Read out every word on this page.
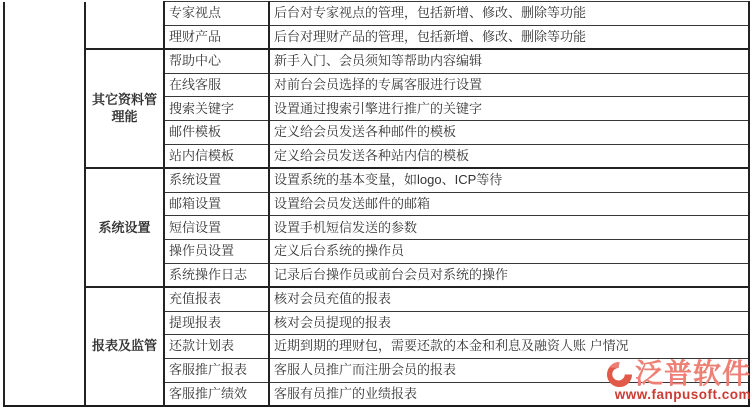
		专家视点	后台对专家视点的管理，包括新增、修改、删除等功能
		理财产品	后台对理财产品的管理，包括新增、修改、删除等功能
	其它资料管理能	帮助中心	新手入门、会员须知等帮助内容编辑
		在线客服	对前台会员选择的专属客服进行设置
		搜索关键字	设置通过搜索引擎进行推广的关键字
		邮件模板	定义给会员发送各种邮件的模板
		站内信模板	定义给会员发送各种站内信的模板
	系统设置	系统设置	设置系统的基本变量，如logo、ICP等待
		邮箱设置	设置给会员发送邮件的邮箱
		短信设置	设置手机短信发送的参数
		操作员设置	定义后台系统的操作员
		系统操作日志	记录后台操作员或前台会员对系统的操作
	报表及监管	充值报表	核对会员充值的报表
		提现报表	核对会员提现的报表
		还款计划表	近期到期的理财包，需要还款的本金和利息及融资人账 户情况
		客服推广报表	客服人员推广而注册会员的报表
		客服推广绩效	客服有员推广的业绩报表
泛普软件
www.fanpusoft.com
